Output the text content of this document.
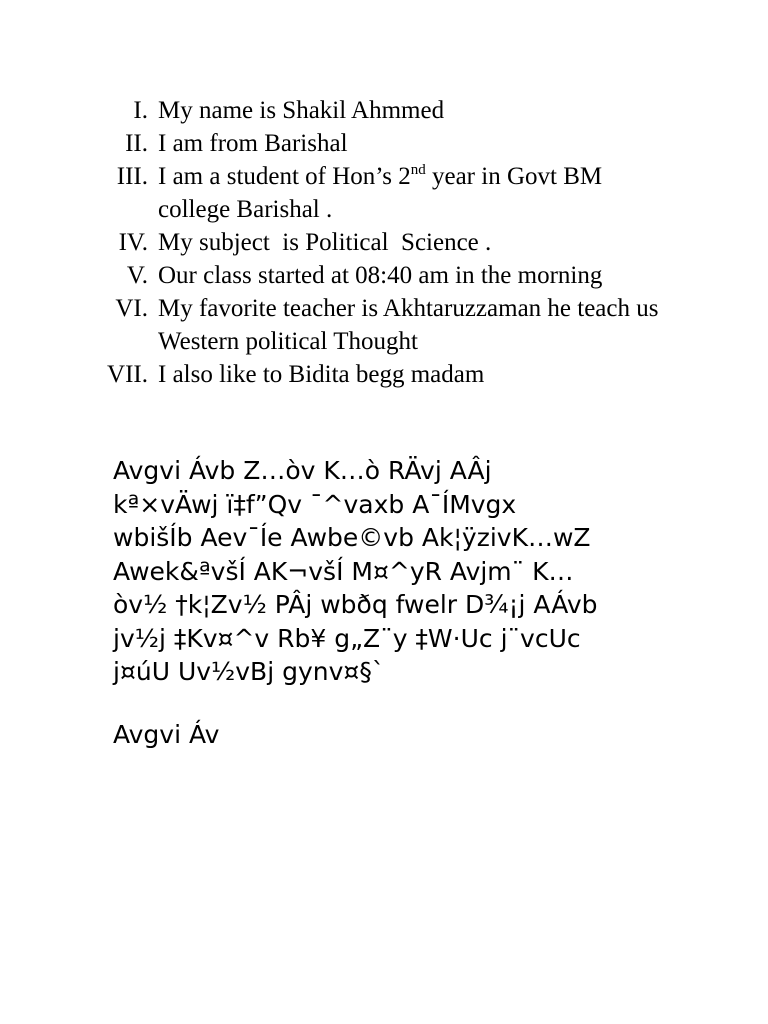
I. My name is Shakil Ahmmed
II. I am from Barishal
III. I am a student of Hon’s 2nd year in Govt BM college Barishal .
IV. My subject  is Political  Science .
V. Our class started at 08:40 am in the morning
VI. My favorite teacher is Akhtaruzzaman he teach us Western political Thought
VII. I also like to Bidita begg madam
Avgvi Ávb Z…òv K…ò RÄvj AÂj
kª×vÄwj ï‡f”Qv ¯^vaxb A¯ÍMvgx
wbišÍb Aev¯Íe Awbe©vb Ak¦ÿzivK…wZ
Awek&ªvšÍ AK¬všÍ M¤^yR Avjm¨ K…
òv½ †k¦Zv½ PÂj wbðq fwelr D¾¡j AÁvb
jv½j ‡Kv¤^v Rb¥ g„Z¨y ‡W·Uc j¨vcUc
j¤úU Uv½vBj gynv¤§`
Avgvi Áv
